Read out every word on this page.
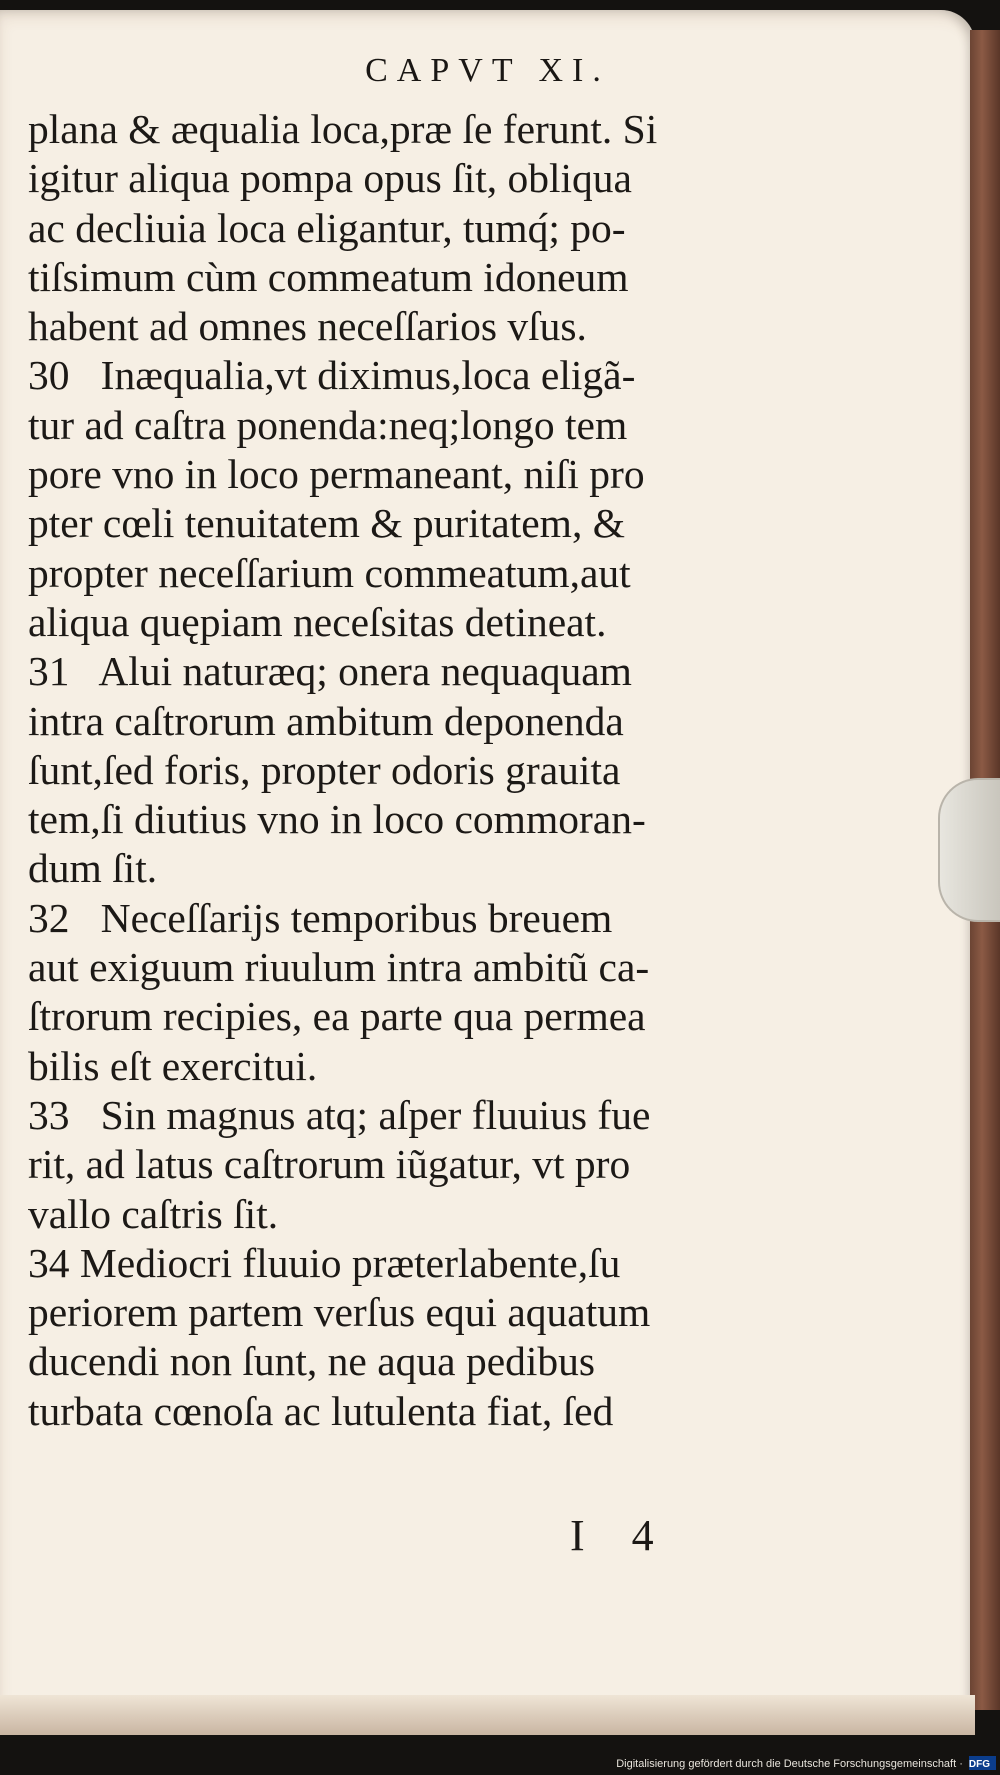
CAPVT XI.
plana & æqualia loca,præ ſe ferunt. Si
igitur aliqua pompa opus ſit, obliqua
ac decliuia loca eligantur, tumq́; po-
tiſsimum cùm commeatum idoneum
habent ad omnes neceſſarios vſus.
30   Inæqualia,vt diximus,loca eligã-
tur ad caſtra ponenda:neq;longo tem
pore vno in loco permaneant, niſi pro
pter cœli tenuitatem & puritatem, &
propter neceſſarium commeatum,aut
aliqua quępiam neceſsitas detineat.
31   Alui naturæq; onera nequaquam
intra caſtrorum ambitum deponenda
ſunt,ſed foris, propter odoris grauita
tem,ſi diutius vno in loco commoran-
dum ſit.
32   Neceſſarijs temporibus breuem
aut exiguum riuulum intra ambitũ ca-
ſtrorum recipies, ea parte qua permea
bilis eſt exercitui.
33   Sin magnus atq; aſper fluuius fue
rit, ad latus caſtrorum iũgatur, vt pro
vallo caſtris ſit.
34 Mediocri fluuio præterlabente,ſu
periorem partem verſus equi aquatum
ducendi non ſunt, ne aqua pedibus
turbata cœnoſa ac lutulenta fiat, ſed
I 4
Digitalisierung gefördert durch die Deutsche Forschungsgemeinschaft · DFG
